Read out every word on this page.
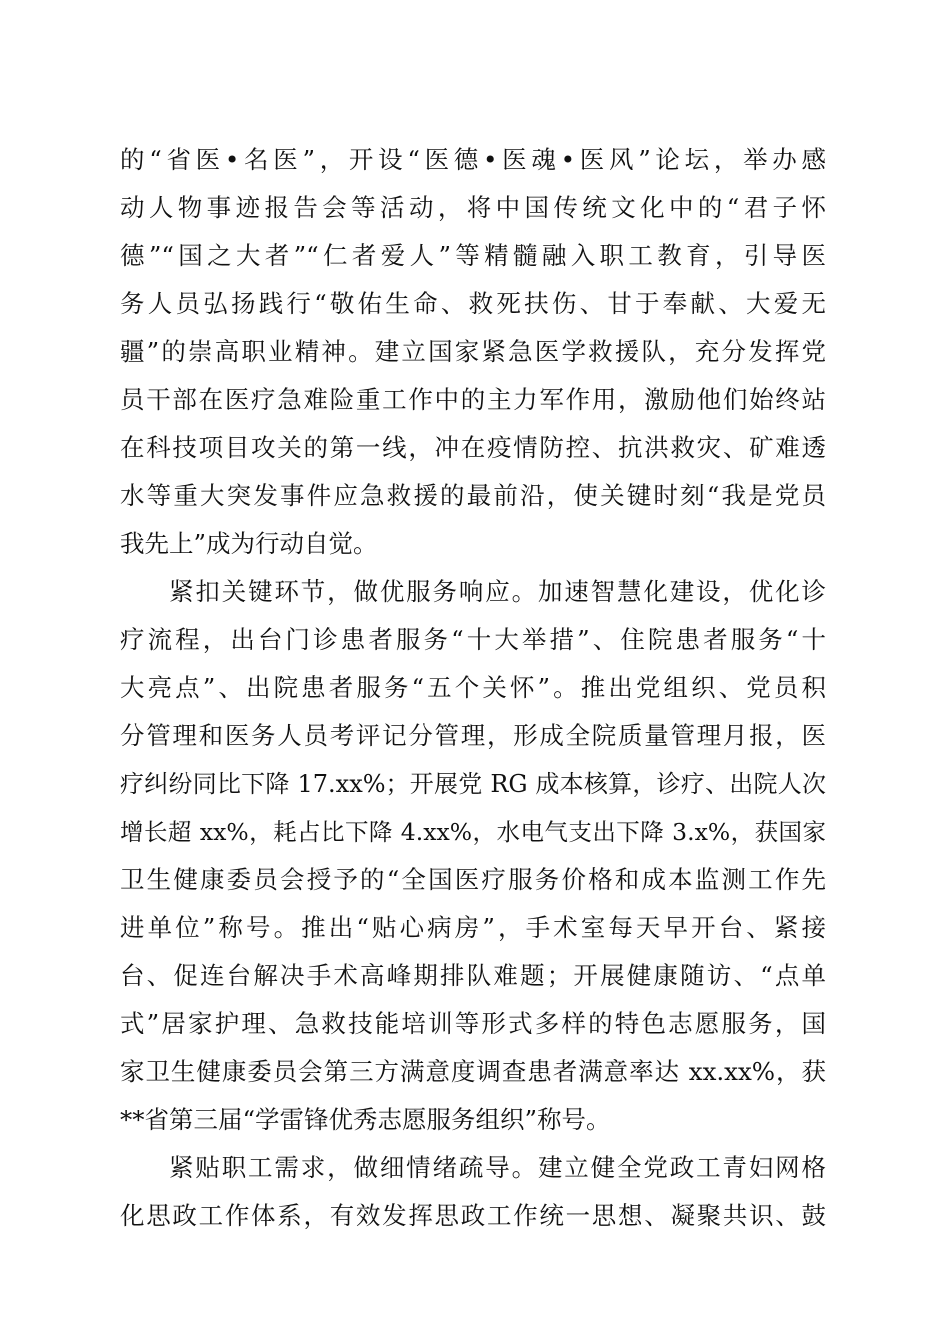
的“省医•名医”，开设“医德•医魂•医风”论坛，举办感

动人物事迹报告会等活动，将中国传统文化中的“君子怀

德”“国之大者”“仁者爱人”等精髓融入职工教育，引导医

务人员弘扬践行“敬佑生命、救死扶伤、甘于奉献、大爱无

疆”的崇高职业精神。建立国家紧急医学救援队，充分发挥党

员干部在医疗急难险重工作中的主力军作用，激励他们始终站

在科技项目攻关的第一线，冲在疫情防控、抗洪救灾、矿难透

水等重大突发事件应急救援的最前沿，使关键时刻“我是党员

我先上”成为行动自觉。

紧扣关键环节，做优服务响应。加速智慧化建设，优化诊

疗流程，出台门诊患者服务“十大举措”、住院患者服务“十

大亮点”、出院患者服务“五个关怀”。推出党组织、党员积

分管理和医务人员考评记分管理，形成全院质量管理月报，医

疗纠纷同比下降 17.xx%；开展党 RG 成本核算，诊疗、出院人次

增长超 xx%，耗占比下降 4.xx%，水电气支出下降 3.x%，获国家

卫生健康委员会授予的“全国医疗服务价格和成本监测工作先

进单位”称号。推出“贴心病房”，手术室每天早开台、紧接

台、促连台解决手术高峰期排队难题；开展健康随访、“点单

式”居家护理、急救技能培训等形式多样的特色志愿服务，国

家卫生健康委员会第三方满意度调查患者满意率达 xx.xx%，获

**省第三届“学雷锋优秀志愿服务组织”称号。

紧贴职工需求，做细情绪疏导。建立健全党政工青妇网格

化思政工作体系，有效发挥思政工作统一思想、凝聚共识、鼓
